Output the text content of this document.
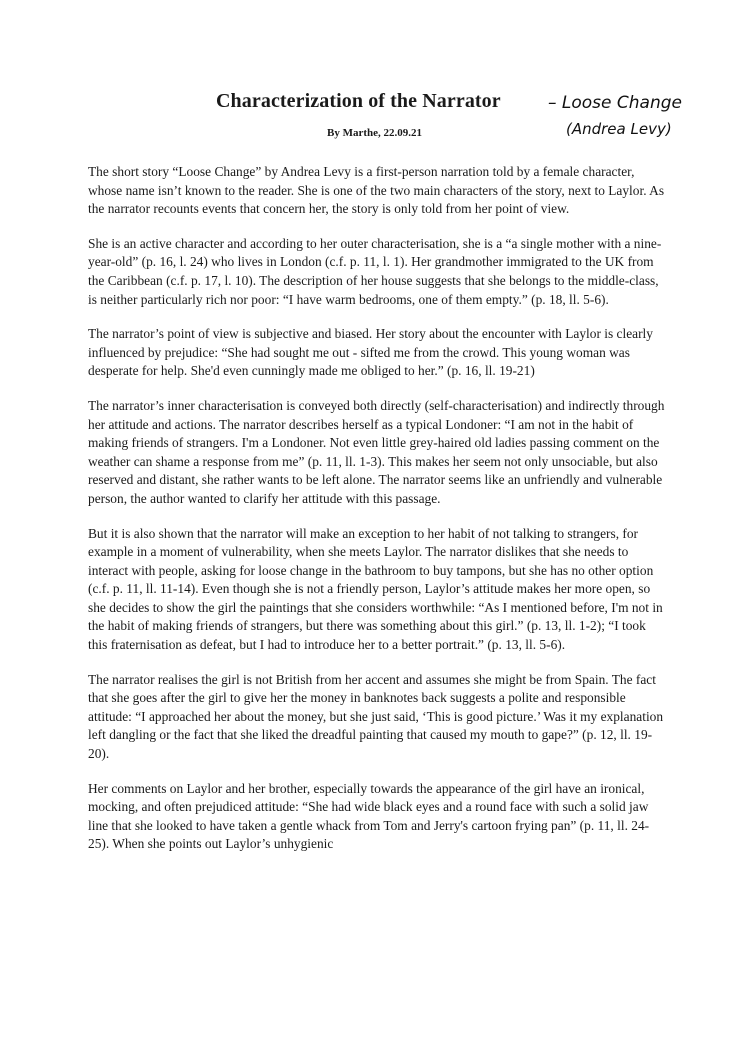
Characterization of the Narrator
By Marthe, 22.09.21
– Loose Change
(Andrea Levy)

The short story “Loose Change” by Andrea Levy is a first-person narration told by a female character, whose name isn’t known to the reader. She is one of the two main characters of the story, next to Laylor. As the narrator recounts events that concern her, the story is only told from her point of view.

She is an active character and according to her outer characterisation, she is a “a single mother with a nine-year-old” (p. 16, l. 24) who lives in London (c.f. p. 11, l. 1). Her grandmother immigrated to the UK from the Caribbean (c.f. p. 17, l. 10). The description of her house suggests that she belongs to the middle-class, is neither particularly rich nor poor: “I have warm bedrooms, one of them empty.” (p. 18, ll. 5-6).

The narrator’s point of view is subjective and biased. Her story about the encounter with Laylor is clearly influenced by prejudice: “She had sought me out - sifted me from the crowd. This young woman was desperate for help. She'd even cunningly made me obliged to her.” (p. 16, ll. 19-21)

The narrator’s inner characterisation is conveyed both directly (self-characterisation) and indirectly through her attitude and actions. The narrator describes herself as a typical Londoner: “I am not in the habit of making friends of strangers. I'm a Londoner. Not even little grey-haired old ladies passing comment on the weather can shame a response from me” (p. 11, ll. 1-3). This makes her seem not only unsociable, but also reserved and distant, she rather wants to be left alone. The narrator seems like an unfriendly and vulnerable person, the author wanted to clarify her attitude with this passage.

But it is also shown that the narrator will make an exception to her habit of not talking to strangers, for example in a moment of vulnerability, when she meets Laylor. The narrator dislikes that she needs to interact with people, asking for loose change in the bathroom to buy tampons, but she has no other option (c.f. p. 11, ll. 11-14). Even though she is not a friendly person, Laylor’s attitude makes her more open, so she decides to show the girl the paintings that she considers worthwhile: “As I mentioned before, I'm not in the habit of making friends of strangers, but there was something about this girl.” (p. 13, ll. 1-2); “I took this fraternisation as defeat, but I had to introduce her to a better portrait.” (p. 13, ll. 5-6).

The narrator realises the girl is not British from her accent and assumes she might be from Spain. The fact that she goes after the girl to give her the money in banknotes back suggests a polite and responsible attitude: “I approached her about the money, but she just said, ‘This is good picture.’ Was it my explanation left dangling or the fact that she liked the dreadful painting that caused my mouth to gape?” (p. 12, ll. 19-20).

Her comments on Laylor and her brother, especially towards the appearance of the girl have an ironical, mocking, and often prejudiced attitude: “She had wide black eyes and a round face with such a solid jaw line that she looked to have taken a gentle whack from Tom and Jerry's cartoon frying pan” (p. 11, ll. 24-25). When she points out Laylor’s unhygienic
